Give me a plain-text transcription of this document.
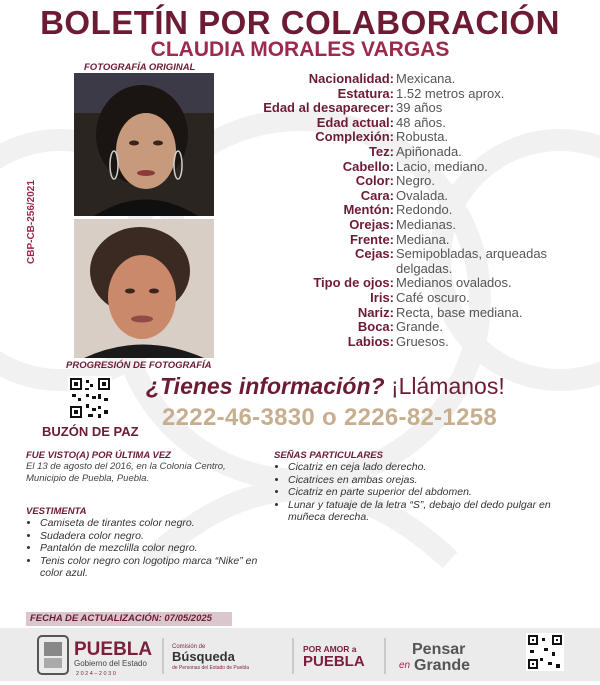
BOLETÍN POR COLABORACIÓN
CLAUDIA MORALES VARGAS
FOTOGRAFÍA ORIGINAL
PROGRESIÓN DE FOTOGRAFÍA
CBP-CB-256/2021
Nacionalidad: Mexicana.
Estatura: 1.52 metros aprox.
Edad al desaparecer: 39 años
Edad actual: 48 años.
Complexión: Robusta.
Tez: Apiñonada.
Cabello: Lacio, mediano.
Color: Negro.
Cara: Ovalada.
Mentón: Redondo.
Orejas: Medianas.
Frente: Mediana.
Cejas: Semipobladas, arqueadas delgadas.
Tipo de ojos: Medianos ovalados.
Iris: Café oscuro.
Nariz: Recta, base mediana.
Boca: Grande.
Labios: Gruesos.
BUZÓN DE PAZ
¿Tienes información? ¡Llámanos!
2222-46-3830 o 2226-82-1258
FUE VISTO(A) POR ÚLTIMA VEZ
El 13 de agosto del 2016, en la Colonia Centro, Municipio de Puebla, Puebla.
VESTIMENTA
• Camiseta de tirantes color negro.
• Sudadera color negro.
• Pantalón de mezclilla color negro.
• Tenis color negro con logotipo marca “Nike” en color azul.
SEÑAS PARTICULARES
• Cicatriz en ceja lado derecho.
• Cicatrices en ambas orejas.
• Cicatriz en parte superior del abdomen.
• Lunar y tatuaje de la letra “S”, debajo del dedo pulgar en muñeca derecha.
FECHA DE ACTUALIZACIÓN: 07/05/2025
PUEBLA
Gobierno del Estado
2 0 2 4 – 2 0 3 0
Comisión de
Búsqueda
de Personas del Estado de Puebla
POR AMOR a
PUEBLA
Pensar
en Grande
